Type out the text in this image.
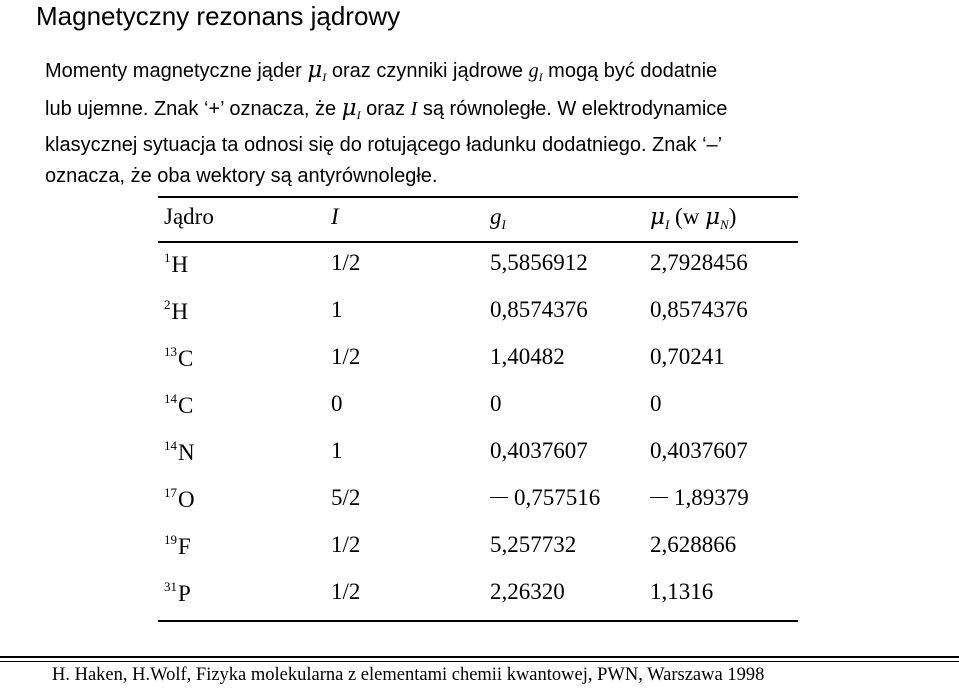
Magnetyczny rezonans jądrowy
Momenty magnetyczne jąder $\mu_I$ oraz czynniki jądrowe $g_I$ mogą być dodatnie
lub ujemne. Znak ‘+’ oznacza, że $\mu_I$ oraz I są równoległe. W elektrodynamice
klasycznej sytuacja ta odnosi się do rotującego ładunku dodatniego. Znak ‘–’
oznacza, że oba wektory są antyrównoległe.
Jądro	I	$g_I$	$\mu_I$ (w $\mu_N$)
$^1$H	1/2	5,5856912	2,7928456
$^2$H	1	0,8574376	0,8574376
$^{13}$C	1/2	1,40482	0,70241
$^{14}$C	0	0	0
$^{14}$N	1	0,4037607	0,4037607
$^{17}$O	5/2	0,757516	1,89379
$^{19}$F	1/2	5,257732	2,628866
$^{31}$P	1/2	2,26320	1,1316
H. Haken, H.Wolf, Fizyka molekularna z elementami chemii kwantowej, PWN, Warszawa 1998
